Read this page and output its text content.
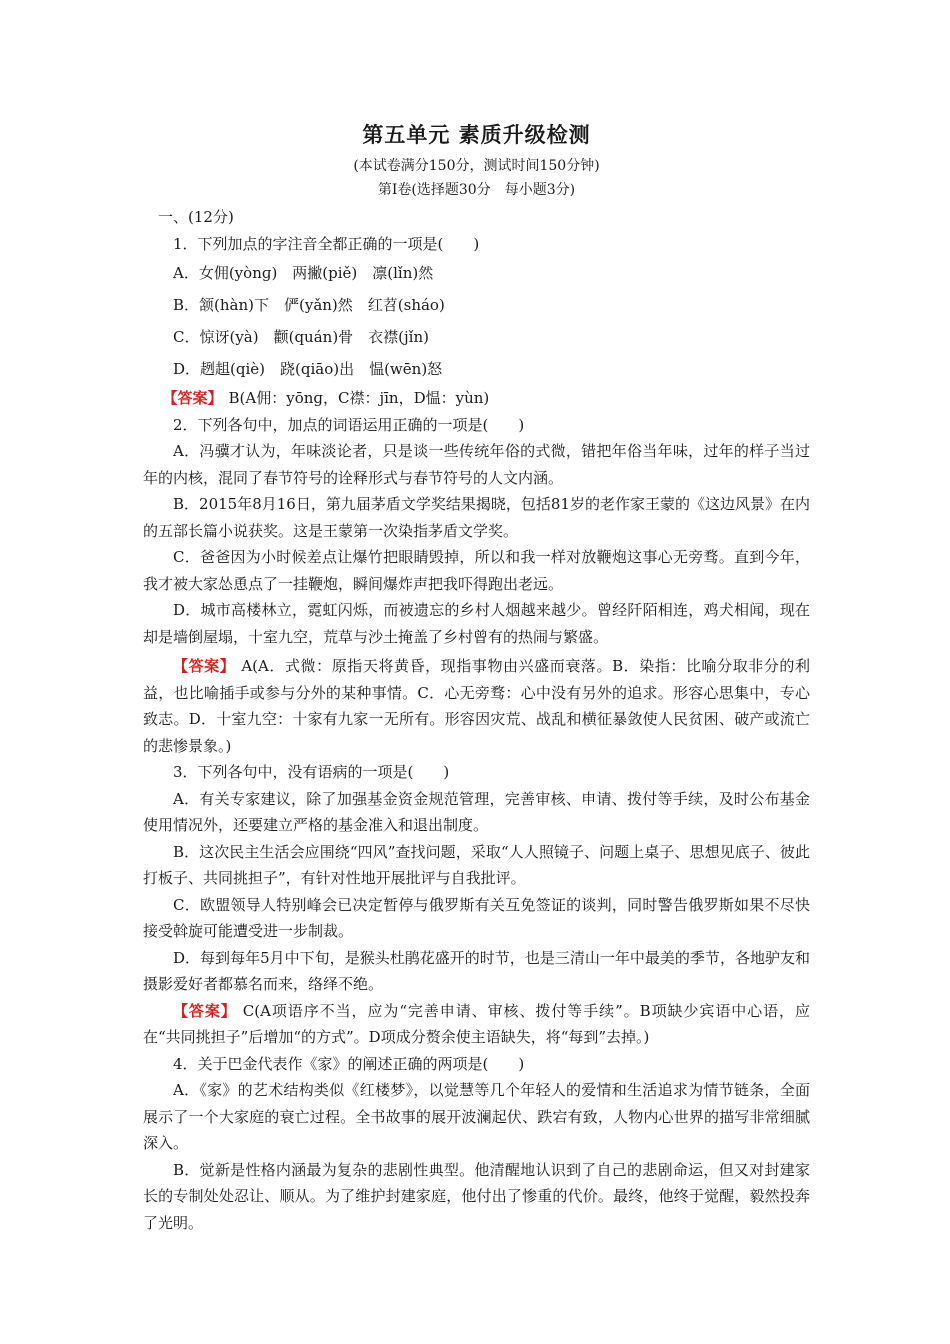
第五单元 素质升级检测

(本试卷满分150分，测试时间150分钟)

第Ⅰ卷(选择题30分　每小题3分)

一、(12分)

1．下列加点的字注音全都正确的一项是(　　)

A．女佣(yònɡ)　两撇(piě)　凛(lǐn)然

B．颔(hàn)下　俨(yǎn)然　红苕(sháo)

C．惊讶(yà)　颧(quán)骨　衣襟(jǐn)

D．趔趄(qiè)　跷(qiāo)出　愠(wēn)怒

【答案】 B(A佣：yōnɡ，C襟：jīn，D愠：yùn)

2．下列各句中，加点的词语运用正确的一项是(　　)

A．冯骥才认为，年味淡论者，只是谈一些传统年俗的式微，错把年俗当年味，过年的样子当过年的内核，混同了春节符号的诠释形式与春节符号的人文内涵。

B．2015年8月16日，第九届茅盾文学奖结果揭晓，包括81岁的老作家王蒙的《这边风景》在内的五部长篇小说获奖。这是王蒙第一次染指茅盾文学奖。

C．爸爸因为小时候差点让爆竹把眼睛毁掉，所以和我一样对放鞭炮这事心无旁骛。直到今年，我才被大家怂恿点了一挂鞭炮，瞬间爆炸声把我吓得跑出老远。

D．城市高楼林立，霓虹闪烁，而被遗忘的乡村人烟越来越少。曾经阡陌相连，鸡犬相闻，现在却是墙倒屋塌，十室九空，荒草与沙土掩盖了乡村曾有的热闹与繁盛。

【答案】 A(A．式微：原指天将黄昏，现指事物由兴盛而衰落。B．染指：比喻分取非分的利益，也比喻插手或参与分外的某种事情。C．心无旁骛：心中没有另外的追求。形容心思集中，专心致志。D．十室九空：十家有九家一无所有。形容因灾荒、战乱和横征暴敛使人民贫困、破产或流亡的悲惨景象。)

3．下列各句中，没有语病的一项是(　　)

A．有关专家建议，除了加强基金资金规范管理，完善审核、申请、拨付等手续，及时公布基金使用情况外，还要建立严格的基金准入和退出制度。

B．这次民主生活会应围绕“四风”查找问题，采取“人人照镜子、问题上桌子、思想见底子、彼此打板子、共同挑担子”，有针对性地开展批评与自我批评。

C．欧盟领导人特别峰会已决定暂停与俄罗斯有关互免签证的谈判，同时警告俄罗斯如果不尽快接受斡旋可能遭受进一步制裁。

D．每到每年5月中下旬，是猴头杜鹃花盛开的时节，也是三清山一年中最美的季节，各地驴友和摄影爱好者都慕名而来，络绎不绝。

【答案】 C(A项语序不当，应为“完善申请、审核、拨付等手续”。B项缺少宾语中心语，应在“共同挑担子”后增加“的方式”。D项成分赘余使主语缺失，将“每到”去掉。)

4．关于巴金代表作《家》的阐述正确的两项是(　　)

A．《家》的艺术结构类似《红楼梦》，以觉慧等几个年轻人的爱情和生活追求为情节链条，全面展示了一个大家庭的衰亡过程。全书故事的展开波澜起伏、跌宕有致，人物内心世界的描写非常细腻深入。

B．觉新是性格内涵最为复杂的悲剧性典型。他清醒地认识到了自己的悲剧命运，但又对封建家长的专制处处忍让、顺从。为了维护封建家庭，他付出了惨重的代价。最终，他终于觉醒，毅然投奔了光明。
